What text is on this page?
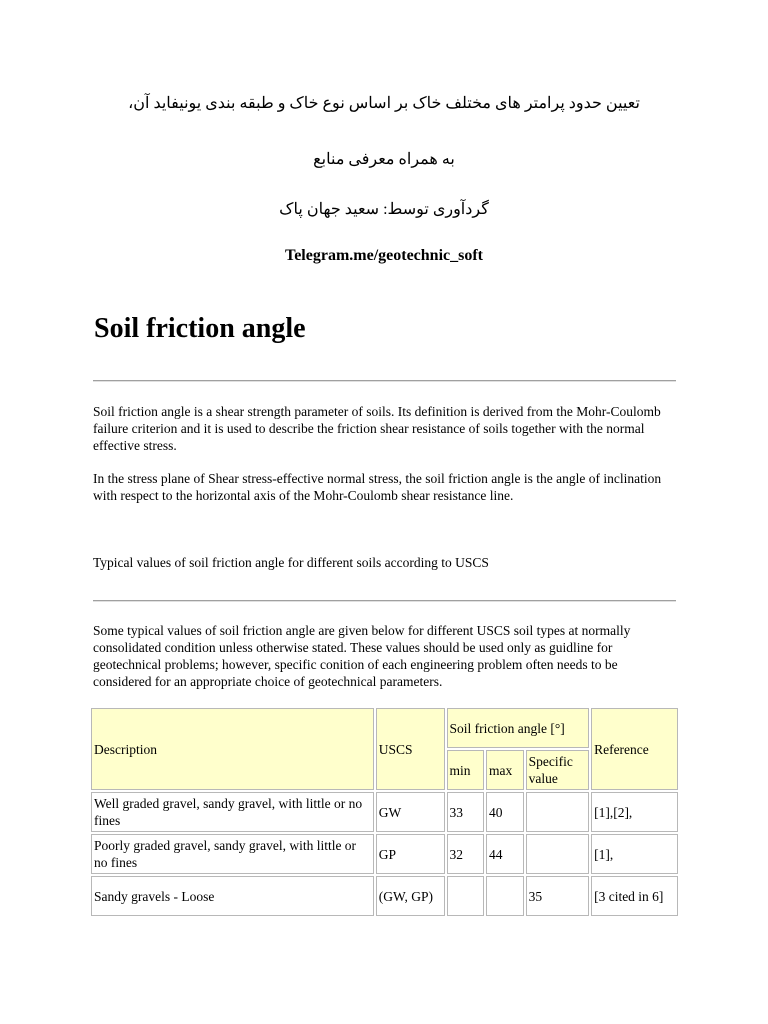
تعیین حدود پرامتر های مختلف خاک بر اساس نوع خاک و طبقه بندی یونیفاید آن،
به همراه معرفی منابع
گردآوری توسط: سعید جهان پاک
Telegram.me/geotechnic_soft
Soil friction angle

Soil friction angle is a shear strength parameter of soils. Its definition is derived from the Mohr-Coulomb failure criterion and it is used to describe the friction shear resistance of soils together with the normal effective stress.

In the stress plane of Shear stress-effective normal stress, the soil friction angle is the angle of inclination with respect to the horizontal axis of the Mohr-Coulomb shear resistance line.

Typical values of soil friction angle for different soils according to USCS

Some typical values of soil friction angle are given below for different USCS soil types at normally consolidated condition unless otherwise stated. These values should be used only as guidline for geotechnical problems; however, specific conition of each engineering problem often needs to be considered for an appropriate choice of geotechnical parameters.

Description	USCS	Soil friction angle [°]			Reference
		min	max	Specific value	
Well graded gravel, sandy gravel, with little or no fines	GW	33	40		[1],[2],
Poorly graded gravel, sandy gravel, with little or no fines	GP	32	44		[1],
Sandy gravels - Loose	(GW, GP)			35	[3 cited in 6]
